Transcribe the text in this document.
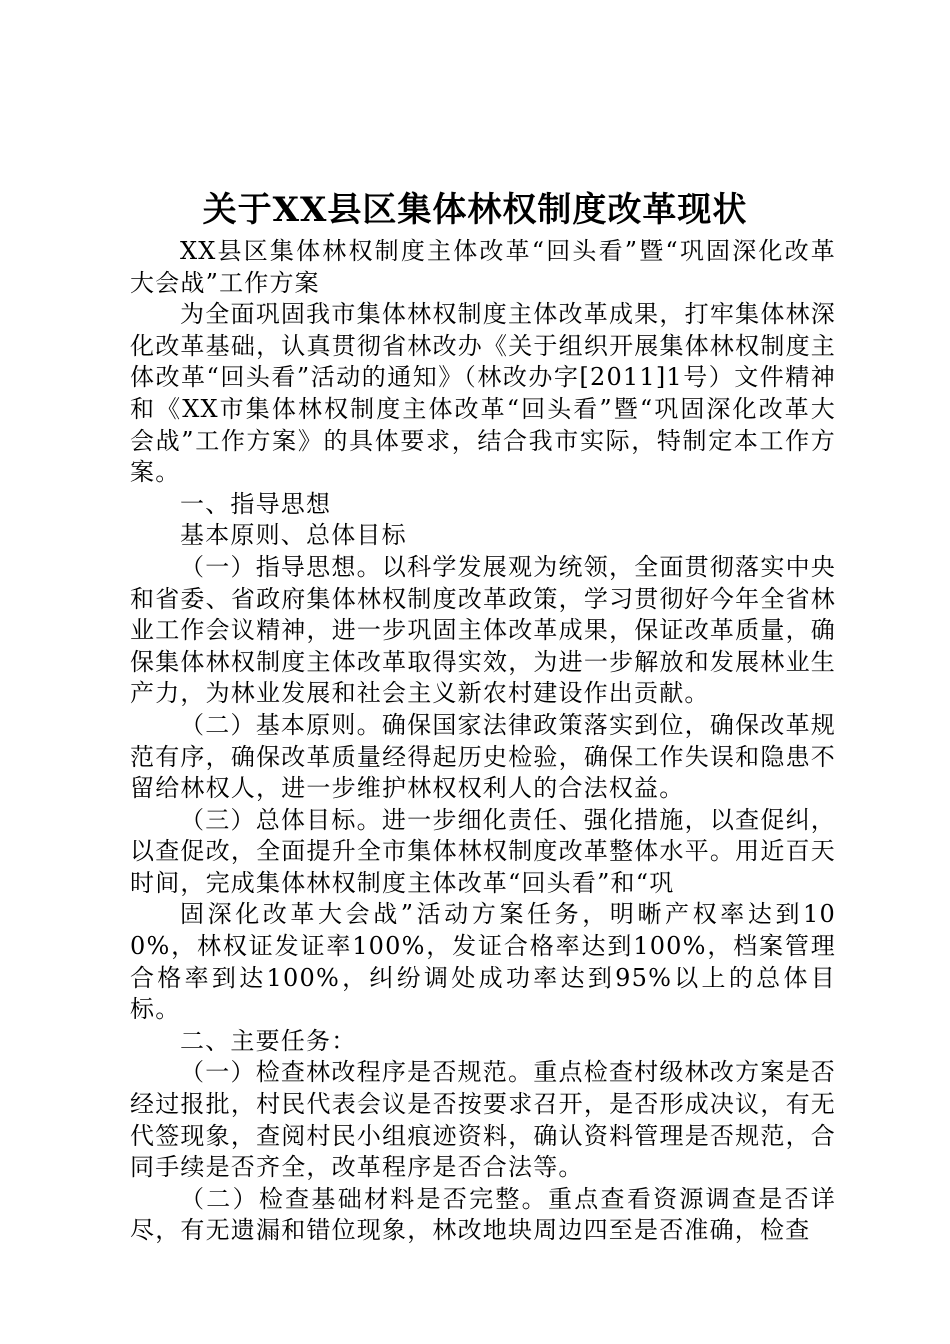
关于XX县区集体林权制度改革现状

XX县区集体林权制度主体改革“回头看”暨“巩固深化改革大会战”工作方案

为全面巩固我市集体林权制度主体改革成果，打牢集体林深化改革基础，认真贯彻省林改办《关于组织开展集体林权制度主体改革“回头看”活动的通知》（林改办字[2011]1号）文件精神和《XX市集体林权制度主体改革“回头看”暨“巩固深化改革大会战”工作方案》的具体要求，结合我市实际，特制定本工作方案。

一、指导思想

基本原则、总体目标

（一）指导思想。以科学发展观为统领，全面贯彻落实中央和省委、省政府集体林权制度改革政策，学习贯彻好今年全省林业工作会议精神，进一步巩固主体改革成果，保证改革质量，确保集体林权制度主体改革取得实效，为进一步解放和发展林业生产力，为林业发展和社会主义新农村建设作出贡献。

（二）基本原则。确保国家法律政策落实到位，确保改革规范有序，确保改革质量经得起历史检验，确保工作失误和隐患不留给林权人，进一步维护林权权利人的合法权益。

（三）总体目标。进一步细化责任、强化措施，以查促纠，以查促改，全面提升全市集体林权制度改革整体水平。用近百天时间，完成集体林权制度主体改革“回头看”和“巩

固深化改革大会战”活动方案任务，明晰产权率达到100%，林权证发证率100%，发证合格率达到100%，档案管理合格率到达100%，纠纷调处成功率达到95%以上的总体目标。

二、主要任务：

（一）检查林改程序是否规范。重点检查村级林改方案是否经过报批，村民代表会议是否按要求召开，是否形成决议，有无代签现象，查阅村民小组痕迹资料，确认资料管理是否规范，合同手续是否齐全，改革程序是否合法等。

（二）检查基础材料是否完整。重点查看资源调查是否详尽，有无遗漏和错位现象，林改地块周边四至是否准确，检查
